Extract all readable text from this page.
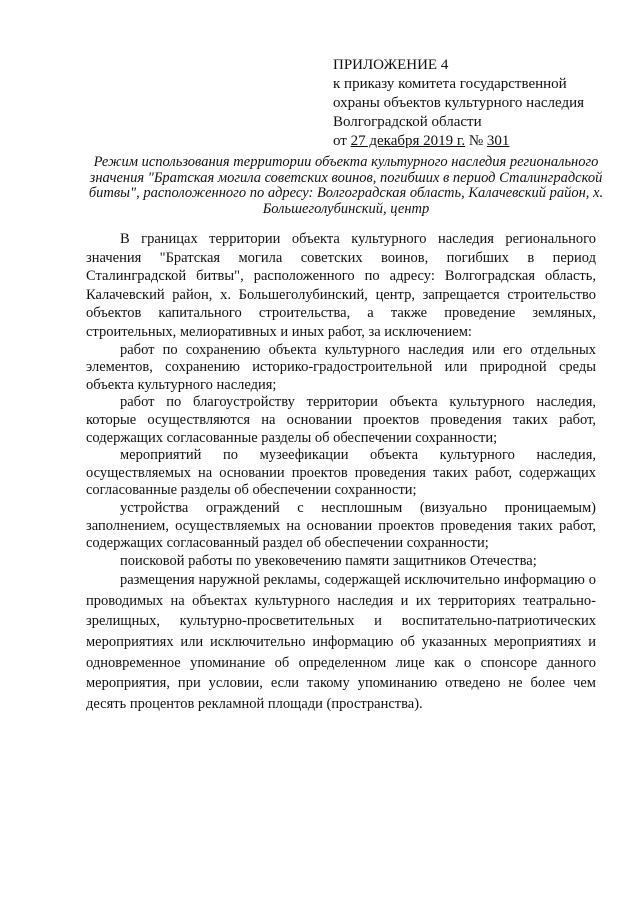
ПРИЛОЖЕНИЕ 4
к приказу комитета государственной
охраны объектов культурного наследия
Волгоградской области
от 27 декабря 2019 г. № 301
Режим использования территории объекта культурного наследия регионального значения "Братская могила советских воинов, погибших в период Сталинградской битвы", расположенного по адресу: Волгоградская область, Калачевский район, х. Большеголубинский, центр

В границах территории объекта культурного наследия регионального значения "Братская могила советских воинов, погибших в период Сталинградской битвы", расположенного по адресу: Волгоградская область, Калачевский район, х. Большеголубинский, центр, запрещается строительство объектов капитального строительства, а также проведение земляных, строительных, мелиоративных и иных работ, за исключением:

работ по сохранению объекта культурного наследия или его отдельных элементов, сохранению историко-градостроительной или природной среды объекта культурного наследия;

работ по благоустройству территории объекта культурного наследия, которые осуществляются на основании проектов проведения таких работ, содержащих согласованные разделы об обеспечении сохранности;

мероприятий по музеефикации объекта культурного наследия, осуществляемых на основании проектов проведения таких работ, содержащих согласованные разделы об обеспечении сохранности;

устройства ограждений с несплошным (визуально проницаемым) заполнением, осуществляемых на основании проектов проведения таких работ, содержащих согласованный раздел об обеспечении сохранности;

поисковой работы по увековечению памяти защитников Отечества;

размещения наружной рекламы, содержащей исключительно информацию о проводимых на объектах культурного наследия и их территориях театрально-зрелищных, культурно-просветительных и воспитательно-патриотических мероприятиях или исключительно информацию об указанных мероприятиях и одновременное упоминание об определенном лице как о спонсоре данного мероприятия, при условии, если такому упоминанию отведено не более чем десять процентов рекламной площади (пространства).
